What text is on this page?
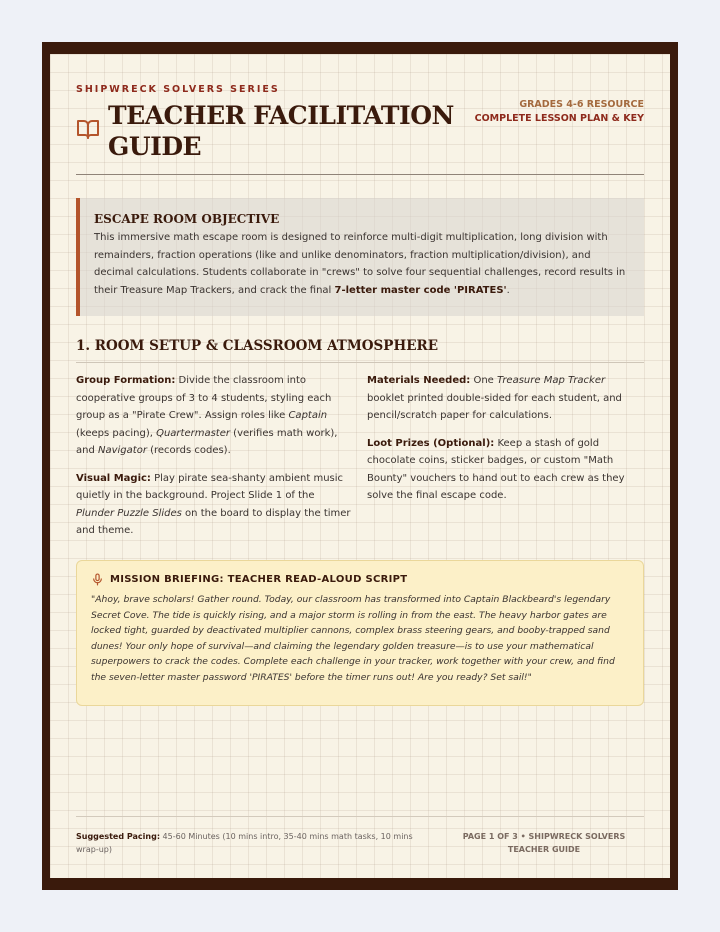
SHIPWRECK SOLVERS SERIES
TEACHER FACILITATION GUIDE
GRADES 4-6 RESOURCE
COMPLETE LESSON PLAN & KEY
ESCAPE ROOM OBJECTIVE
This immersive math escape room is designed to reinforce multi-digit multiplication, long division with remainders, fraction operations (like and unlike denominators, fraction multiplication/division), and decimal calculations. Students collaborate in "crews" to solve four sequential challenges, record results in their Treasure Map Trackers, and crack the final 7-letter master code 'PIRATES'.
1. ROOM SETUP & CLASSROOM ATMOSPHERE

Group Formation: Divide the classroom into cooperative groups of 3 to 4 students, styling each group as a "Pirate Crew". Assign roles like Captain (keeps pacing), Quartermaster (verifies math work), and Navigator (records codes).

Visual Magic: Play pirate sea-shanty ambient music quietly in the background. Project Slide 1 of the Plunder Puzzle Slides on the board to display the timer and theme.

Materials Needed: One Treasure Map Tracker booklet printed double-sided for each student, and pencil/scratch paper for calculations.

Loot Prizes (Optional): Keep a stash of gold chocolate coins, sticker badges, or custom "Math Bounty" vouchers to hand out to each crew as they solve the final escape code.

MISSION BRIEFING: TEACHER READ-ALOUD SCRIPT
"Ahoy, brave scholars! Gather round. Today, our classroom has transformed into Captain Blackbeard's legendary Secret Cove. The tide is quickly rising, and a major storm is rolling in from the east. The heavy harbor gates are locked tight, guarded by deactivated multiplier cannons, complex brass steering gears, and booby-trapped sand dunes! Your only hope of survival—and claiming the legendary golden treasure—is to use your mathematical superpowers to crack the codes. Complete each challenge in your tracker, work together with your crew, and find the seven-letter master password 'PIRATES' before the timer runs out! Are you ready? Set sail!"
Suggested Pacing: 45-60 Minutes (10 mins intro, 35-40 mins math tasks, 10 mins wrap-up)
PAGE 1 OF 3 • SHIPWRECK SOLVERS TEACHER GUIDE
